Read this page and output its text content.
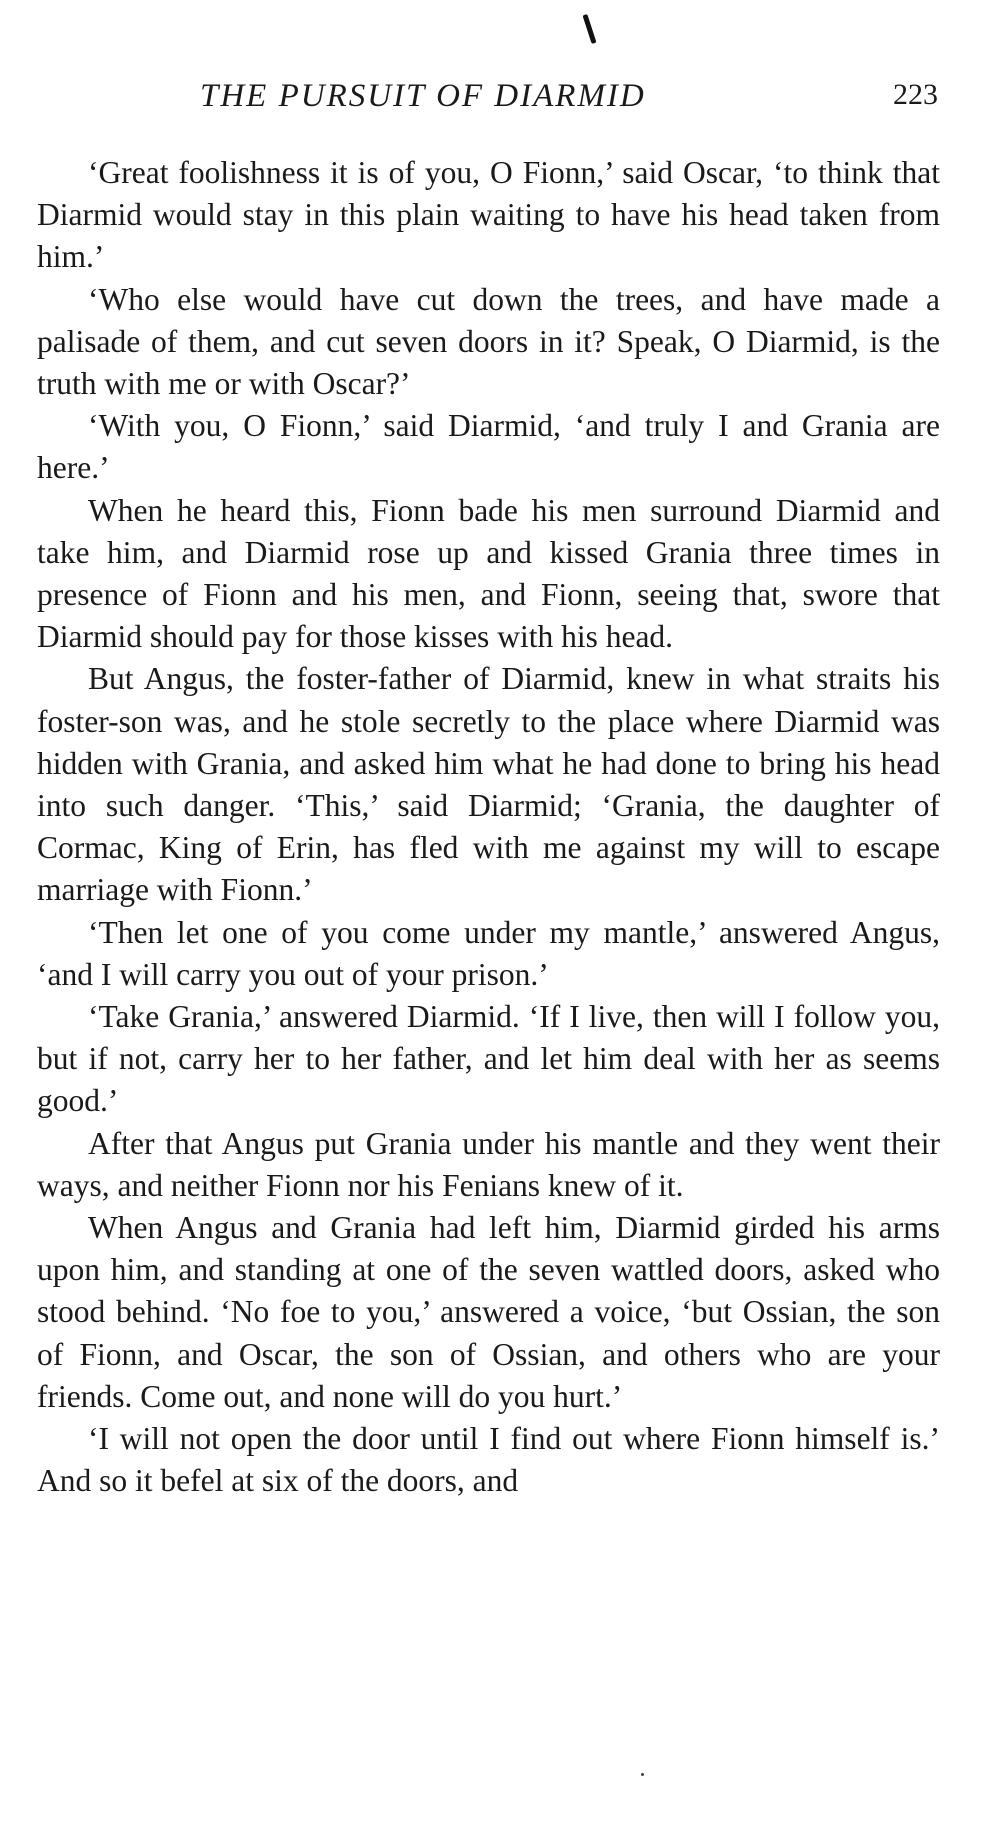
THE PURSUIT OF DIARMID	223

‘Great foolishness it is of you, O Fionn,’ said Oscar, ‘to think that Diarmid would stay in this plain waiting to have his head taken from him.’

‘Who else would have cut down the trees, and have made a palisade of them, and cut seven doors in it? Speak, O Diarmid, is the truth with me or with Oscar?’

‘With you, O Fionn,’ said Diarmid, ‘and truly I and Grania are here.’

When he heard this, Fionn bade his men surround Diarmid and take him, and Diarmid rose up and kissed Grania three times in presence of Fionn and his men, and Fionn, seeing that, swore that Diarmid should pay for those kisses with his head.

But Angus, the foster-father of Diarmid, knew in what straits his foster-son was, and he stole secretly to the place where Diarmid was hidden with Grania, and asked him what he had done to bring his head into such danger. ‘This,’ said Diarmid; ‘Grania, the daughter of Cormac, King of Erin, has fled with me against my will to escape marriage with Fionn.’

‘Then let one of you come under my mantle,’ answered Angus, ‘and I will carry you out of your prison.’

‘Take Grania,’ answered Diarmid. ‘If I live, then will I follow you, but if not, carry her to her father, and let him deal with her as seems good.’

After that Angus put Grania under his mantle and they went their ways, and neither Fionn nor his Fenians knew of it.

When Angus and Grania had left him, Diarmid girded his arms upon him, and standing at one of the seven wattled doors, asked who stood behind. ‘No foe to you,’ answered a voice, ‘but Ossian, the son of Fionn, and Oscar, the son of Ossian, and others who are your friends. Come out, and none will do you hurt.’

‘I will not open the door until I find out where Fionn himself is.’ And so it befel at six of the doors, and
